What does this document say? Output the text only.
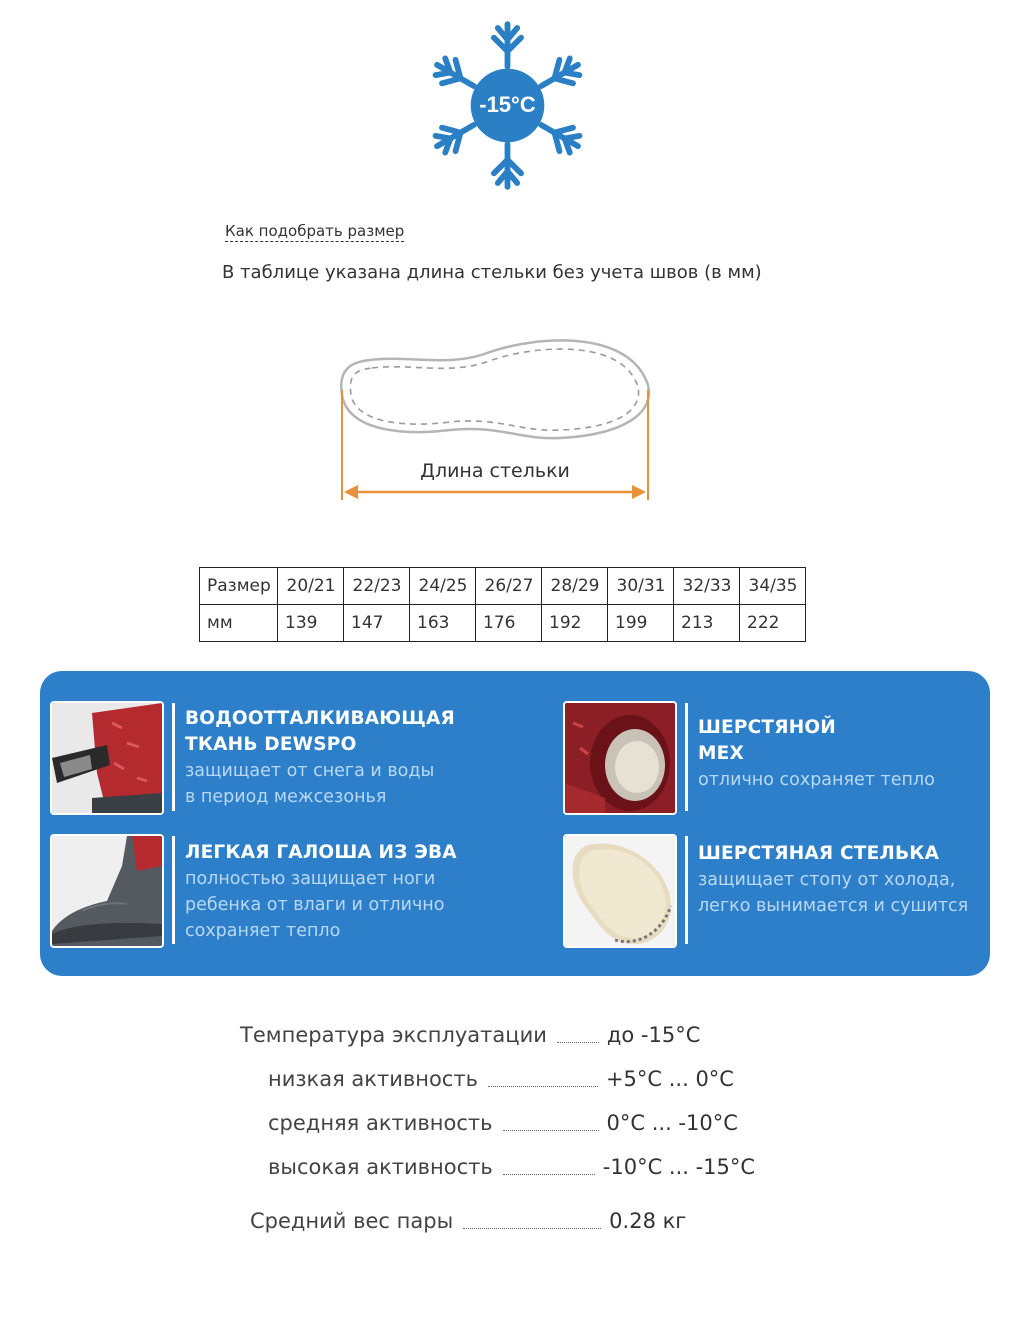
-15°C
Как подобрать размер
В таблице указана длина стельки без учета швов (в мм)
Длина стельки
Размер	20/21	22/23	24/25	26/27	28/29	30/31	32/33	34/35
мм	139	147	163	176	192	199	213	222
ВОДООТТАЛКИВАЮЩАЯ
ТКАНЬ DEWSPO
защищает от снега и воды
в период межсезонья
ШЕРСТЯНОЙ
МЕХ
отлично сохраняет тепло
ЛЕГКАЯ ГАЛОША ИЗ ЭВА
полностью защищает ноги
ребенка от влаги и отлично
сохраняет тепло
ШЕРСТЯНАЯ СТЕЛЬКА
защищает стопу от холода,
легко вынимается и сушится
Температура эксплуатации	до -15°C
низкая активность	+5°C ... 0°C
средняя активность	0°C ... -10°C
высокая активность	-10°C ... -15°C
Средний вес пары	0.28 кг
